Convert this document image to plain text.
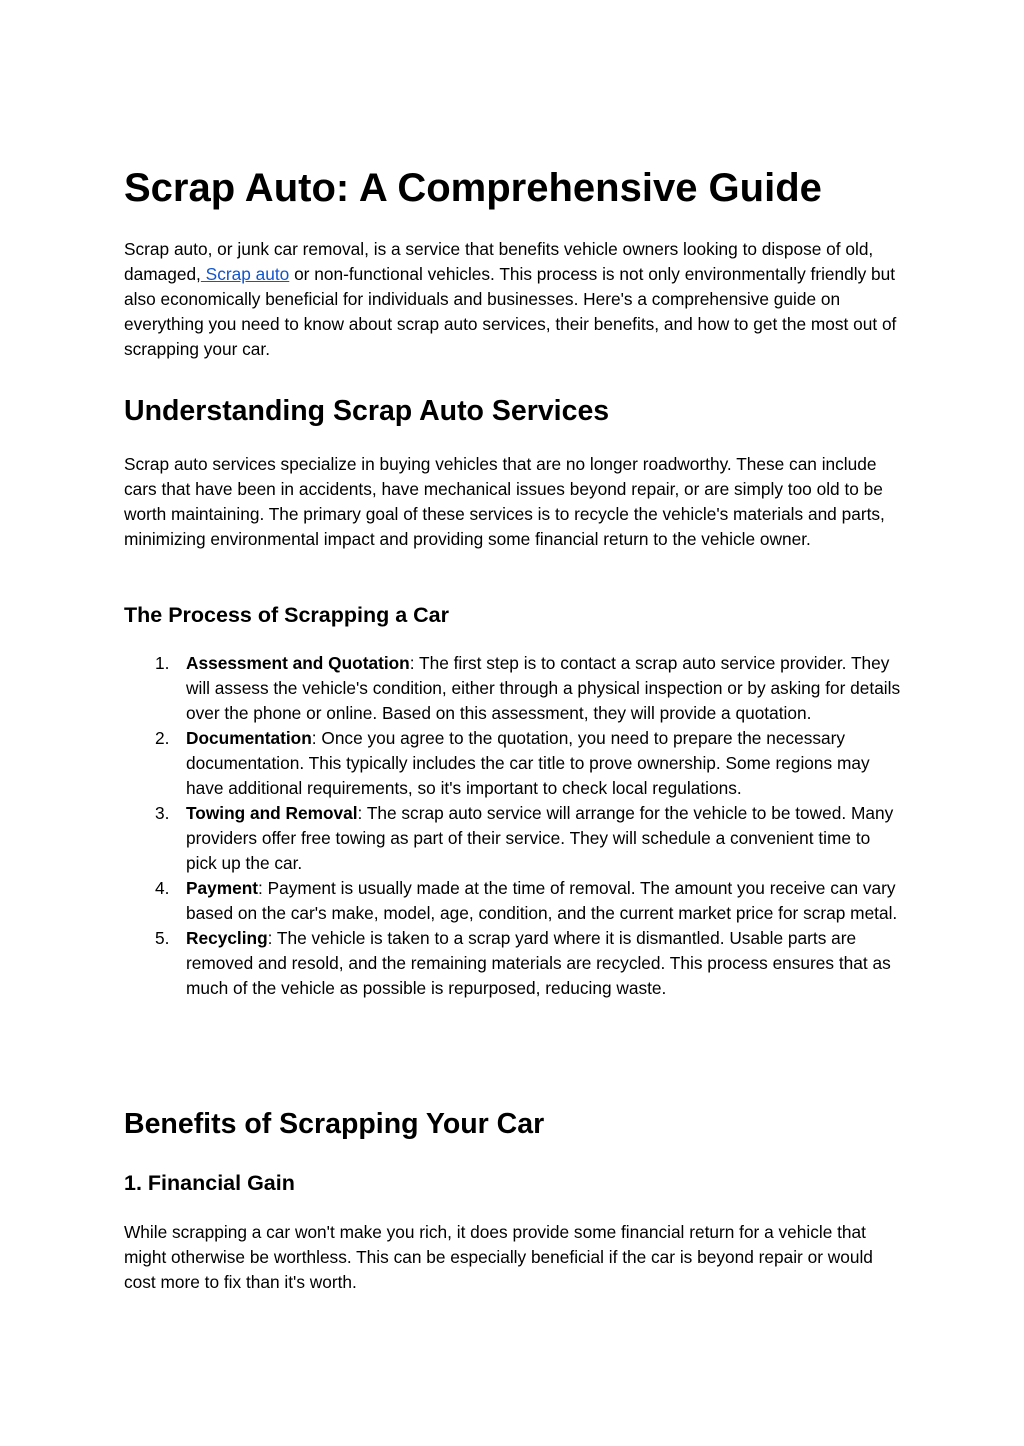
Scrap Auto: A Comprehensive Guide

Scrap auto, or junk car removal, is a service that benefits vehicle owners looking to dispose of old, damaged, Scrap auto or non-functional vehicles. This process is not only environmentally friendly but also economically beneficial for individuals and businesses. Here's a comprehensive guide on everything you need to know about scrap auto services, their benefits, and how to get the most out of scrapping your car.

Understanding Scrap Auto Services

Scrap auto services specialize in buying vehicles that are no longer roadworthy. These can include cars that have been in accidents, have mechanical issues beyond repair, or are simply too old to be worth maintaining. The primary goal of these services is to recycle the vehicle's materials and parts, minimizing environmental impact and providing some financial return to the vehicle owner.

The Process of Scrapping a Car
1. Assessment and Quotation: The first step is to contact a scrap auto service provider. They will assess the vehicle's condition, either through a physical inspection or by asking for details over the phone or online. Based on this assessment, they will provide a quotation.
2. Documentation: Once you agree to the quotation, you need to prepare the necessary documentation. This typically includes the car title to prove ownership. Some regions may have additional requirements, so it's important to check local regulations.
3. Towing and Removal: The scrap auto service will arrange for the vehicle to be towed. Many providers offer free towing as part of their service. They will schedule a convenient time to pick up the car.
4. Payment: Payment is usually made at the time of removal. The amount you receive can vary based on the car's make, model, age, condition, and the current market price for scrap metal.
5. Recycling: The vehicle is taken to a scrap yard where it is dismantled. Usable parts are removed and resold, and the remaining materials are recycled. This process ensures that as much of the vehicle as possible is repurposed, reducing waste.
Benefits of Scrapping Your Car
1. Financial Gain

While scrapping a car won't make you rich, it does provide some financial return for a vehicle that might otherwise be worthless. This can be especially beneficial if the car is beyond repair or would cost more to fix than it's worth.
